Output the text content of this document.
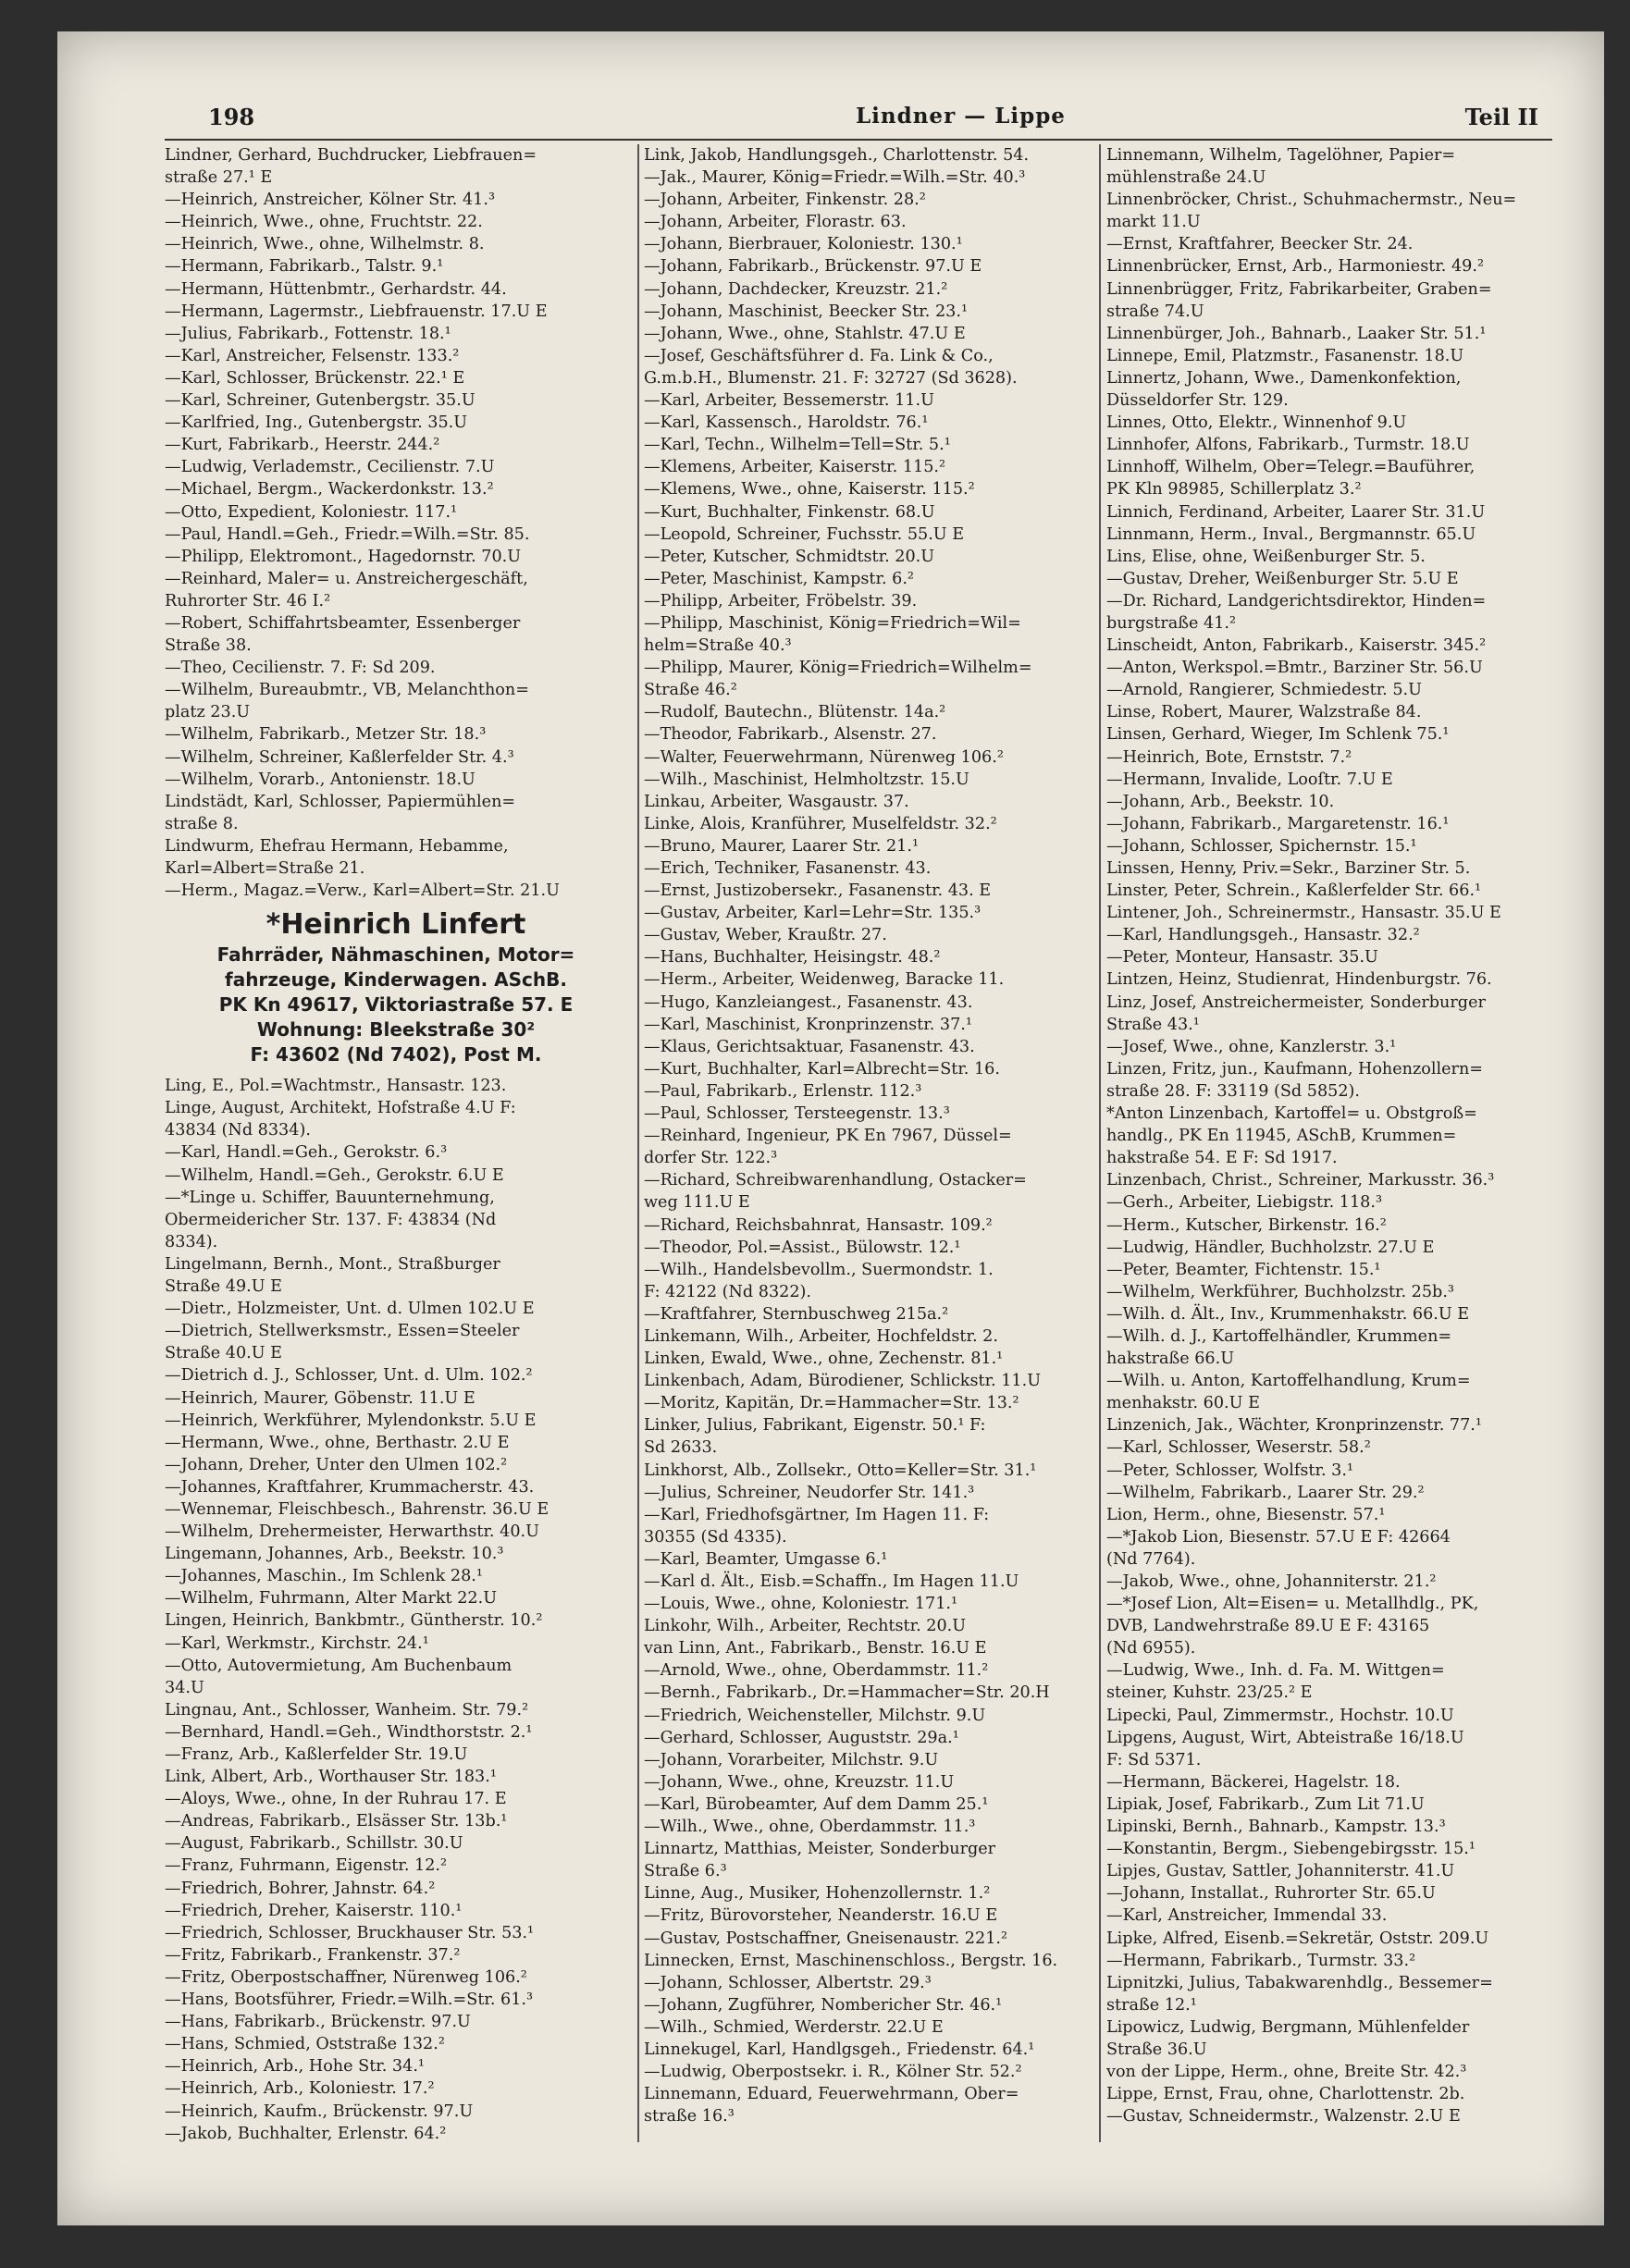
198	Lindner — Lippe	Teil II
Lindner, Gerhard, Buchdrucker, Liebfrauen=
straße 27.¹ E
—Heinrich, Anstreicher, Kölner Str. 41.³
—Heinrich, Wwe., ohne, Fruchtstr. 22.
—Heinrich, Wwe., ohne, Wilhelmstr. 8.
—Hermann, Fabrikarb., Talstr. 9.¹
—Hermann, Hüttenbmtr., Gerhardstr. 44.
—Hermann, Lagermstr., Liebfrauenstr. 17.U E
—Julius, Fabrikarb., Fottenstr. 18.¹
—Karl, Anstreicher, Felsenstr. 133.²
—Karl, Schlosser, Brückenstr. 22.¹ E
—Karl, Schreiner, Gutenbergstr. 35.U
—Karlfried, Ing., Gutenbergstr. 35.U
—Kurt, Fabrikarb., Heerstr. 244.²
—Ludwig, Verlademstr., Cecilienstr. 7.U
—Michael, Bergm., Wackerdonkstr. 13.²
—Otto, Expedient, Koloniestr. 117.¹
—Paul, Handl.=Geh., Friedr.=Wilh.=Str. 85.
—Philipp, Elektromont., Hagedornstr. 70.U
—Reinhard, Maler= u. Anstreichergeschäft,
Ruhrorter Str. 46 I.²
—Robert, Schiffahrtsbeamter, Essenberger
Straße 38.
—Theo, Cecilienstr. 7. F: Sd 209.
—Wilhelm, Bureaubmtr., VB, Melanchthon=
platz 23.U
—Wilhelm, Fabrikarb., Metzer Str. 18.³
—Wilhelm, Schreiner, Kaßlerfelder Str. 4.³
—Wilhelm, Vorarb., Antonienstr. 18.U
Lindstädt, Karl, Schlosser, Papiermühlen=
straße 8.
Lindwurm, Ehefrau Hermann, Hebamme,
Karl=Albert=Straße 21.
—Herm., Magaz.=Verw., Karl=Albert=Str. 21.U
*Heinrich Linfert
Fahrräder, Nähmaschinen, Motor=
fahrzeuge, Kinderwagen. ASchB.
PK Kn 49617, Viktoriastraße 57. E
Wohnung: Bleekstraße 30²
F: 43602 (Nd 7402), Post M.
Ling, E., Pol.=Wachtmstr., Hansastr. 123.
Linge, August, Architekt, Hofstraße 4.U F:
43834 (Nd 8334).
—Karl, Handl.=Geh., Gerokstr. 6.³
—Wilhelm, Handl.=Geh., Gerokstr. 6.U E
—*Linge u. Schiffer, Bauunternehmung,
Obermeidericher Str. 137. F: 43834 (Nd
8334).
Lingelmann, Bernh., Mont., Straßburger
Straße 49.U E
—Dietr., Holzmeister, Unt. d. Ulmen 102.U E
—Dietrich, Stellwerksmstr., Essen=Steeler
Straße 40.U E
—Dietrich d. J., Schlosser, Unt. d. Ulm. 102.²
—Heinrich, Maurer, Göbenstr. 11.U E
—Heinrich, Werkführer, Mylendonkstr. 5.U E
—Hermann, Wwe., ohne, Berthastr. 2.U E
—Johann, Dreher, Unter den Ulmen 102.²
—Johannes, Kraftfahrer, Krummacherstr. 43.
—Wennemar, Fleischbesch., Bahrenstr. 36.U E
—Wilhelm, Drehermeister, Herwarthstr. 40.U
Lingemann, Johannes, Arb., Beekstr. 10.³
—Johannes, Maschin., Im Schlenk 28.¹
—Wilhelm, Fuhrmann, Alter Markt 22.U
Lingen, Heinrich, Bankbmtr., Güntherstr. 10.²
—Karl, Werkmstr., Kirchstr. 24.¹
—Otto, Autovermietung, Am Buchenbaum
34.U
Lingnau, Ant., Schlosser, Wanheim. Str. 79.²
—Bernhard, Handl.=Geh., Windthorststr. 2.¹
—Franz, Arb., Kaßlerfelder Str. 19.U
Link, Albert, Arb., Worthauser Str. 183.¹
—Aloys, Wwe., ohne, In der Ruhrau 17. E
—Andreas, Fabrikarb., Elsässer Str. 13b.¹
—August, Fabrikarb., Schillstr. 30.U
—Franz, Fuhrmann, Eigenstr. 12.²
—Friedrich, Bohrer, Jahnstr. 64.²
—Friedrich, Dreher, Kaiserstr. 110.¹
—Friedrich, Schlosser, Bruckhauser Str. 53.¹
—Fritz, Fabrikarb., Frankenstr. 37.²
—Fritz, Oberpostschaffner, Nürenweg 106.²
—Hans, Bootsführer, Friedr.=Wilh.=Str. 61.³
—Hans, Fabrikarb., Brückenstr. 97.U
—Hans, Schmied, Oststraße 132.²
—Heinrich, Arb., Hohe Str. 34.¹
—Heinrich, Arb., Koloniestr. 17.²
—Heinrich, Kaufm., Brückenstr. 97.U
—Jakob, Buchhalter, Erlenstr. 64.²
Link, Jakob, Handlungsgeh., Charlottenstr. 54.
—Jak., Maurer, König=Friedr.=Wilh.=Str. 40.³
—Johann, Arbeiter, Finkenstr. 28.²
—Johann, Arbeiter, Florastr. 63.
—Johann, Bierbrauer, Koloniestr. 130.¹
—Johann, Fabrikarb., Brückenstr. 97.U E
—Johann, Dachdecker, Kreuzstr. 21.²
—Johann, Maschinist, Beecker Str. 23.¹
—Johann, Wwe., ohne, Stahlstr. 47.U E
—Josef, Geschäftsführer d. Fa. Link & Co.,
G.m.b.H., Blumenstr. 21. F: 32727 (Sd 3628).
—Karl, Arbeiter, Bessemerstr. 11.U
—Karl, Kassensch., Haroldstr. 76.¹
—Karl, Techn., Wilhelm=Tell=Str. 5.¹
—Klemens, Arbeiter, Kaiserstr. 115.²
—Klemens, Wwe., ohne, Kaiserstr. 115.²
—Kurt, Buchhalter, Finkenstr. 68.U
—Leopold, Schreiner, Fuchsstr. 55.U E
—Peter, Kutscher, Schmidtstr. 20.U
—Peter, Maschinist, Kampstr. 6.²
—Philipp, Arbeiter, Fröbelstr. 39.
—Philipp, Maschinist, König=Friedrich=Wil=
helm=Straße 40.³
—Philipp, Maurer, König=Friedrich=Wilhelm=
Straße 46.²
—Rudolf, Bautechn., Blütenstr. 14a.²
—Theodor, Fabrikarb., Alsenstr. 27.
—Walter, Feuerwehrmann, Nürenweg 106.²
—Wilh., Maschinist, Helmholtzstr. 15.U
Linkau, Arbeiter, Wasgaustr. 37.
Linke, Alois, Kranführer, Muselfeldstr. 32.²
—Bruno, Maurer, Laarer Str. 21.¹
—Erich, Techniker, Fasanenstr. 43.
—Ernst, Justizobersekr., Fasanenstr. 43. E
—Gustav, Arbeiter, Karl=Lehr=Str. 135.³
—Gustav, Weber, Kraußtr. 27.
—Hans, Buchhalter, Heisingstr. 48.²
—Herm., Arbeiter, Weidenweg, Baracke 11.
—Hugo, Kanzleiangest., Fasanenstr. 43.
—Karl, Maschinist, Kronprinzenstr. 37.¹
—Klaus, Gerichtsaktuar, Fasanenstr. 43.
—Kurt, Buchhalter, Karl=Albrecht=Str. 16.
—Paul, Fabrikarb., Erlenstr. 112.³
—Paul, Schlosser, Tersteegenstr. 13.³
—Reinhard, Ingenieur, PK En 7967, Düssel=
dorfer Str. 122.³
—Richard, Schreibwarenhandlung, Ostacker=
weg 111.U E
—Richard, Reichsbahnrat, Hansastr. 109.²
—Theodor, Pol.=Assist., Bülowstr. 12.¹
—Wilh., Handelsbevollm., Suermondstr. 1.
F: 42122 (Nd 8322).
—Kraftfahrer, Sternbuschweg 215a.²
Linkemann, Wilh., Arbeiter, Hochfeldstr. 2.
Linken, Ewald, Wwe., ohne, Zechenstr. 81.¹
Linkenbach, Adam, Bürodiener, Schlickstr. 11.U
—Moritz, Kapitän, Dr.=Hammacher=Str. 13.²
Linker, Julius, Fabrikant, Eigenstr. 50.¹ F:
Sd 2633.
Linkhorst, Alb., Zollsekr., Otto=Keller=Str. 31.¹
—Julius, Schreiner, Neudorfer Str. 141.³
—Karl, Friedhofsgärtner, Im Hagen 11. F:
30355 (Sd 4335).
—Karl, Beamter, Umgasse 6.¹
—Karl d. Ält., Eisb.=Schaffn., Im Hagen 11.U
—Louis, Wwe., ohne, Koloniestr. 171.¹
Linkohr, Wilh., Arbeiter, Rechtstr. 20.U
van Linn, Ant., Fabrikarb., Benstr. 16.U E
—Arnold, Wwe., ohne, Oberdammstr. 11.²
—Bernh., Fabrikarb., Dr.=Hammacher=Str. 20.H
—Friedrich, Weichensteller, Milchstr. 9.U
—Gerhard, Schlosser, Auguststr. 29a.¹
—Johann, Vorarbeiter, Milchstr. 9.U
—Johann, Wwe., ohne, Kreuzstr. 11.U
—Karl, Bürobeamter, Auf dem Damm 25.¹
—Wilh., Wwe., ohne, Oberdammstr. 11.³
Linnartz, Matthias, Meister, Sonderburger
Straße 6.³
Linne, Aug., Musiker, Hohenzollernstr. 1.²
—Fritz, Bürovorsteher, Neanderstr. 16.U E
—Gustav, Postschaffner, Gneisenaustr. 221.²
Linnecken, Ernst, Maschinenschloss., Bergstr. 16.
—Johann, Schlosser, Albertstr. 29.³
—Johann, Zugführer, Nombericher Str. 46.¹
—Wilh., Schmied, Werderstr. 22.U E
Linnekugel, Karl, Handlgsgeh., Friedenstr. 64.¹
—Ludwig, Oberpostsekr. i. R., Kölner Str. 52.²
Linnemann, Eduard, Feuerwehrmann, Ober=
straße 16.³
Linnemann, Wilhelm, Tagelöhner, Papier=
mühlenstraße 24.U
Linnenbröcker, Christ., Schuhmachermstr., Neu=
markt 11.U
—Ernst, Kraftfahrer, Beecker Str. 24.
Linnenbrücker, Ernst, Arb., Harmoniestr. 49.²
Linnenbrügger, Fritz, Fabrikarbeiter, Graben=
straße 74.U
Linnenbürger, Joh., Bahnarb., Laaker Str. 51.¹
Linnepe, Emil, Platzmstr., Fasanenstr. 18.U
Linnertz, Johann, Wwe., Damenkonfektion,
Düsseldorfer Str. 129.
Linnes, Otto, Elektr., Winnenhof 9.U
Linnhofer, Alfons, Fabrikarb., Turmstr. 18.U
Linnhoff, Wilhelm, Ober=Telegr.=Bauführer,
PK Kln 98985, Schillerplatz 3.²
Linnich, Ferdinand, Arbeiter, Laarer Str. 31.U
Linnmann, Herm., Inval., Bergmannstr. 65.U
Lins, Elise, ohne, Weißenburger Str. 5.
—Gustav, Dreher, Weißenburger Str. 5.U E
—Dr. Richard, Landgerichtsdirektor, Hinden=
burgstraße 41.²
Linscheidt, Anton, Fabrikarb., Kaiserstr. 345.²
—Anton, Werkspol.=Bmtr., Barziner Str. 56.U
—Arnold, Rangierer, Schmiedestr. 5.U
Linse, Robert, Maurer, Walzstraße 84.
Linsen, Gerhard, Wieger, Im Schlenk 75.¹
—Heinrich, Bote, Ernststr. 7.²
—Hermann, Invalide, Looſtr. 7.U E
—Johann, Arb., Beekstr. 10.
—Johann, Fabrikarb., Margaretenstr. 16.¹
—Johann, Schlosser, Spichernstr. 15.¹
Linssen, Henny, Priv.=Sekr., Barziner Str. 5.
Linster, Peter, Schrein., Kaßlerfelder Str. 66.¹
Lintener, Joh., Schreinermstr., Hansastr. 35.U E
—Karl, Handlungsgeh., Hansastr. 32.²
—Peter, Monteur, Hansastr. 35.U
Lintzen, Heinz, Studienrat, Hindenburgstr. 76.
Linz, Josef, Anstreichermeister, Sonderburger
Straße 43.¹
—Josef, Wwe., ohne, Kanzlerstr. 3.¹
Linzen, Fritz, jun., Kaufmann, Hohenzollern=
straße 28. F: 33119 (Sd 5852).
*Anton Linzenbach, Kartoffel= u. Obstgroß=
handlg., PK En 11945, ASchB, Krummen=
hakstraße 54. E F: Sd 1917.
Linzenbach, Christ., Schreiner, Markusstr. 36.³
—Gerh., Arbeiter, Liebigstr. 118.³
—Herm., Kutscher, Birkenstr. 16.²
—Ludwig, Händler, Buchholzstr. 27.U E
—Peter, Beamter, Fichtenstr. 15.¹
—Wilhelm, Werkführer, Buchholzstr. 25b.³
—Wilh. d. Ält., Inv., Krummenhakstr. 66.U E
—Wilh. d. J., Kartoffelhändler, Krummen=
hakstraße 66.U
—Wilh. u. Anton, Kartoffelhandlung, Krum=
menhakstr. 60.U E
Linzenich, Jak., Wächter, Kronprinzenstr. 77.¹
—Karl, Schlosser, Weserstr. 58.²
—Peter, Schlosser, Wolfstr. 3.¹
—Wilhelm, Fabrikarb., Laarer Str. 29.²
Lion, Herm., ohne, Biesenstr. 57.¹
—*Jakob Lion, Biesenstr. 57.U E F: 42664
(Nd 7764).
—Jakob, Wwe., ohne, Johanniterstr. 21.²
—*Josef Lion, Alt=Eisen= u. Metallhdlg., PK,
DVB, Landwehrstraße 89.U E F: 43165
(Nd 6955).
—Ludwig, Wwe., Inh. d. Fa. M. Wittgen=
steiner, Kuhstr. 23/25.² E
Lipecki, Paul, Zimmermstr., Hochstr. 10.U
Lipgens, August, Wirt, Abteistraße 16/18.U
F: Sd 5371.
—Hermann, Bäckerei, Hagelstr. 18.
Lipiak, Josef, Fabrikarb., Zum Lit 71.U
Lipinski, Bernh., Bahnarb., Kampstr. 13.³
—Konstantin, Bergm., Siebengebirgsstr. 15.¹
Lipjes, Gustav, Sattler, Johanniterstr. 41.U
—Johann, Installat., Ruhrorter Str. 65.U
—Karl, Anstreicher, Immendal 33.
Lipke, Alfred, Eisenb.=Sekretär, Oststr. 209.U
—Hermann, Fabrikarb., Turmstr. 33.²
Lipnitzki, Julius, Tabakwarenhdlg., Bessemer=
straße 12.¹
Lipowicz, Ludwig, Bergmann, Mühlenfelder
Straße 36.U
von der Lippe, Herm., ohne, Breite Str. 42.³
Lippe, Ernst, Frau, ohne, Charlottenstr. 2b.
—Gustav, Schneidermstr., Walzenstr. 2.U E
